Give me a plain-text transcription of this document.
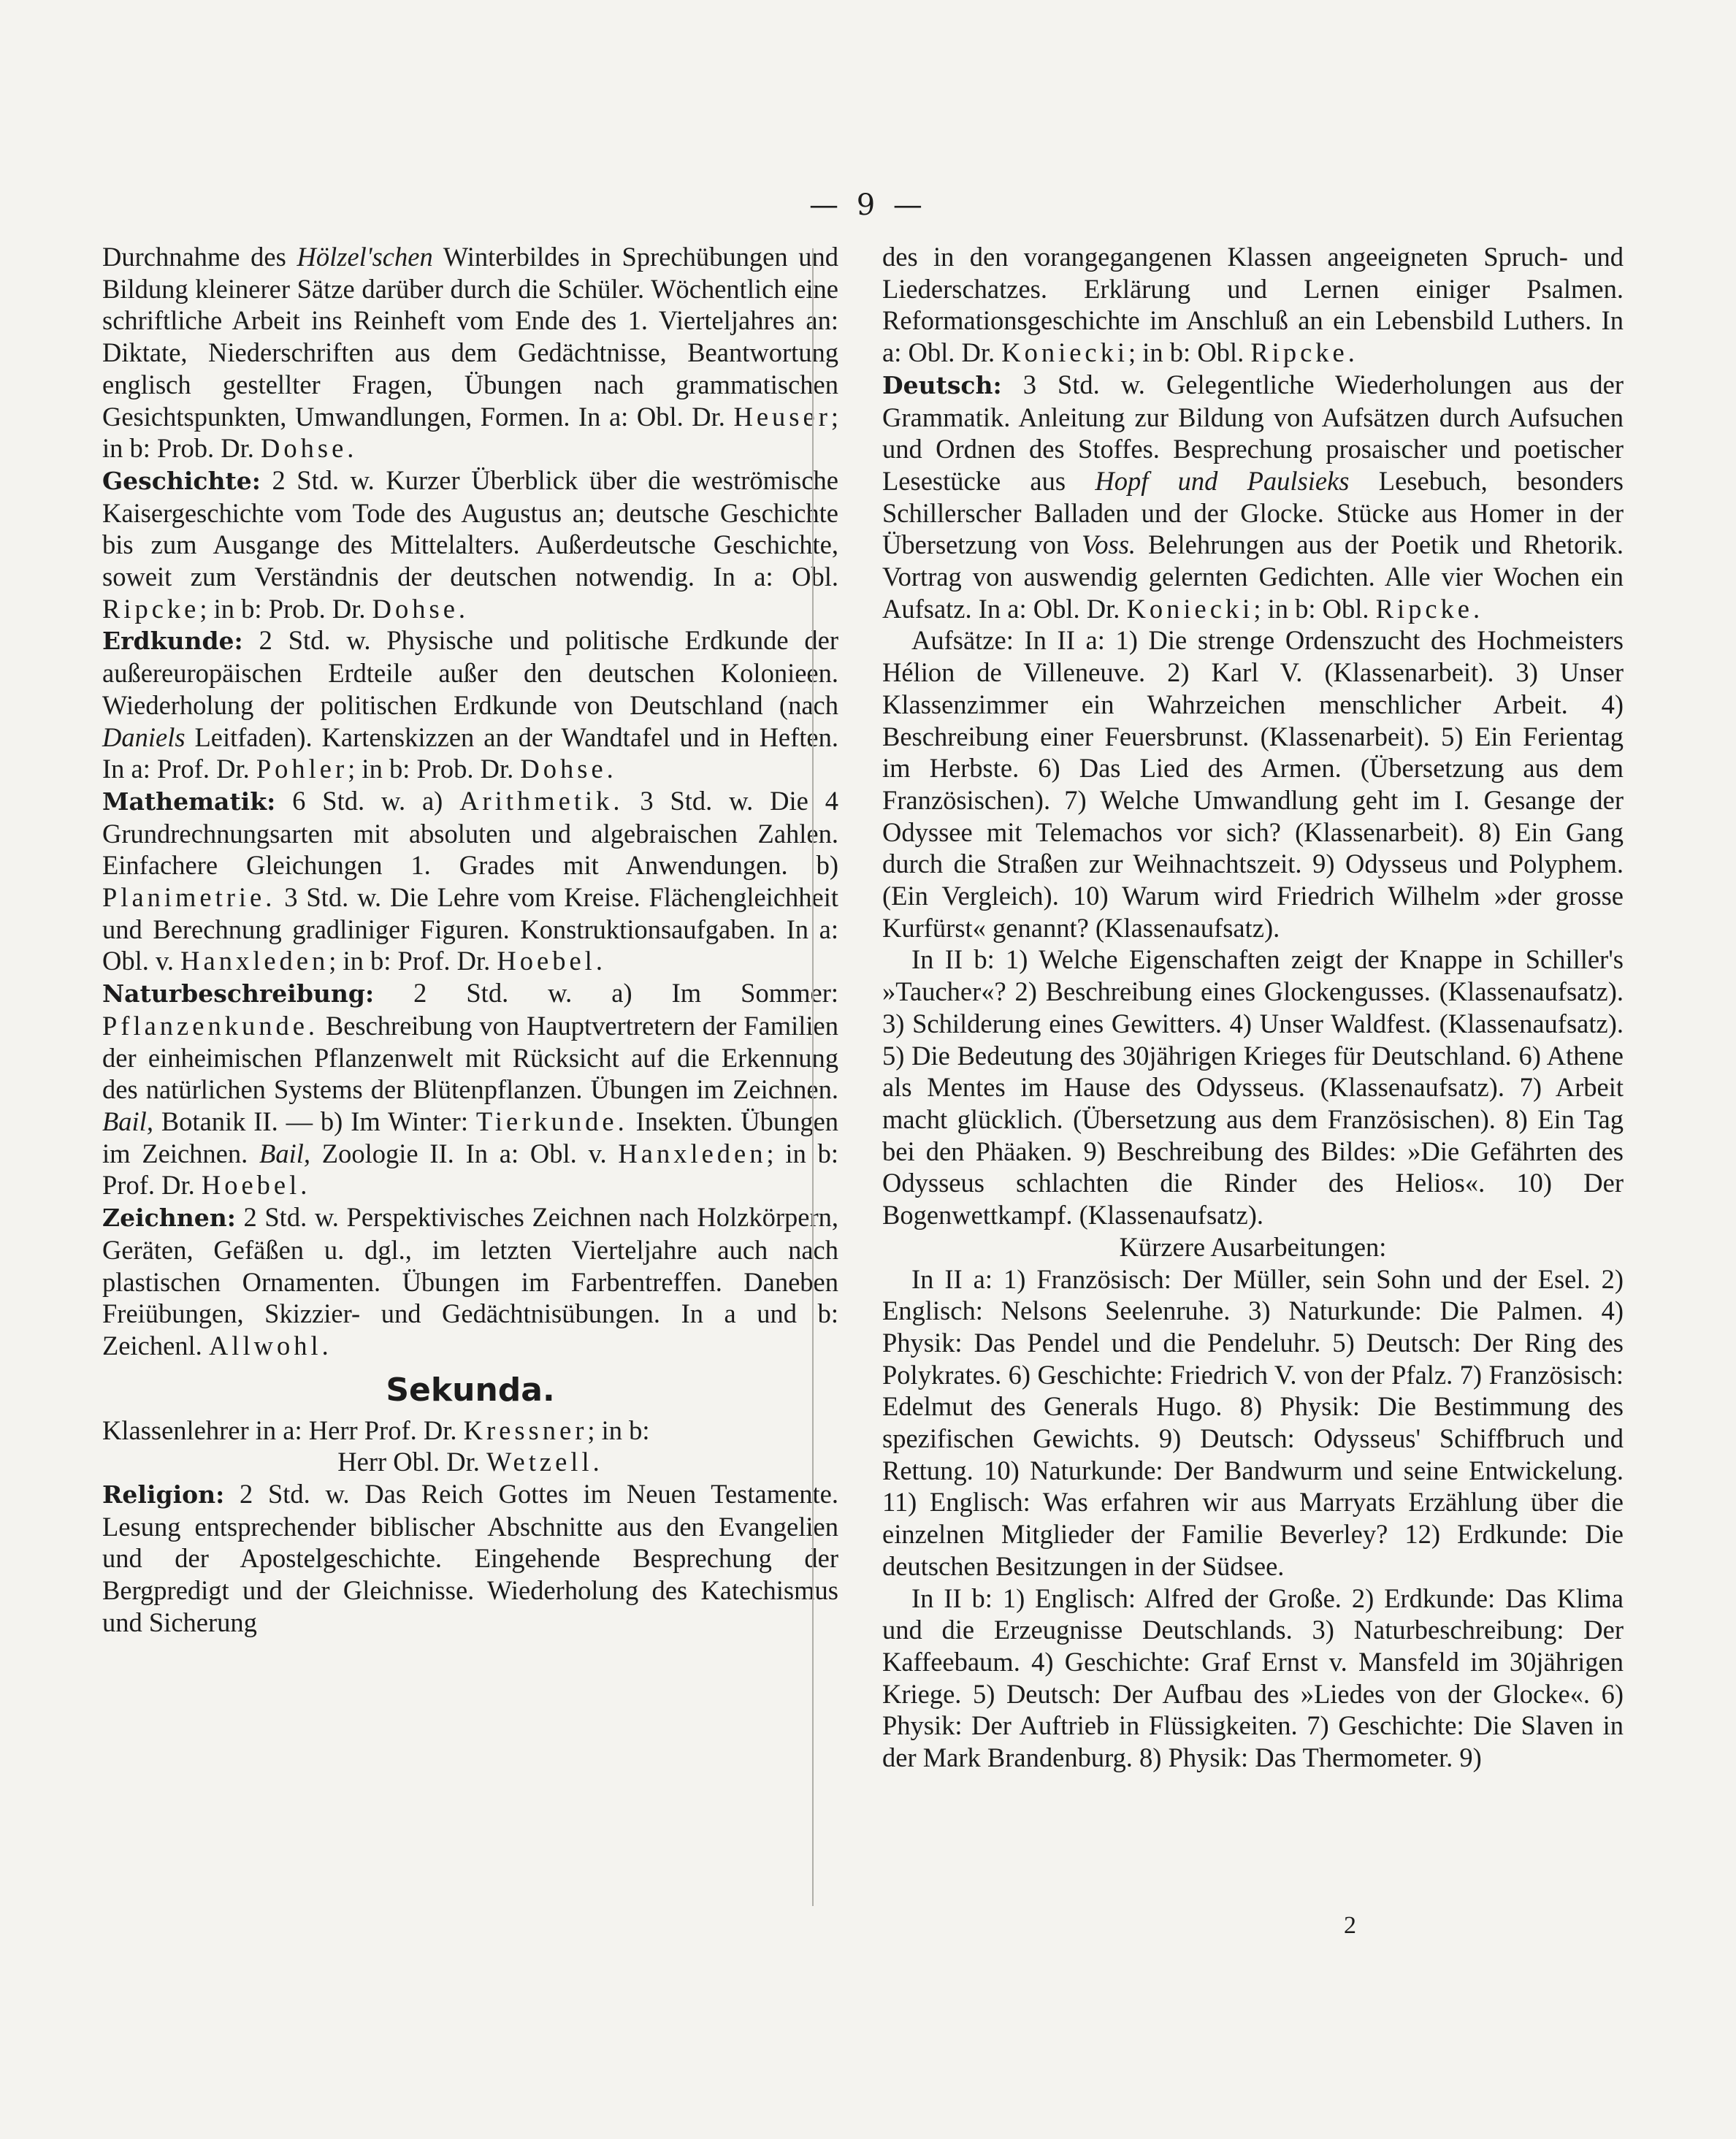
— 9 —

Durchnahme des Hölzel'schen Winterbildes in Sprechübungen und Bildung kleinerer Sätze darüber durch die Schüler. Wöchentlich eine schriftliche Arbeit ins Reinheft vom Ende des 1. Vierteljahres an: Diktate, Niederschriften aus dem Gedächtnisse, Beantwortung englisch gestellter Fragen, Übungen nach grammatischen Gesichtspunkten, Umwandlungen, Formen. In a: Obl. Dr. Heuser; in b: Prob. Dr. Dohse.

Geschichte: 2 Std. w. Kurzer Überblick über die weströmische Kaisergeschichte vom Tode des Augustus an; deutsche Geschichte bis zum Ausgange des Mittelalters. Außerdeutsche Geschichte, soweit zum Verständnis der deutschen notwendig. In a: Obl. Ripcke; in b: Prob. Dr. Dohse.

Erdkunde: 2 Std. w. Physische und politische Erdkunde der außereuropäischen Erdteile außer den deutschen Kolonieen. Wiederholung der politischen Erdkunde von Deutschland (nach Daniels Leitfaden). Kartenskizzen an der Wandtafel und in Heften. In a: Prof. Dr. Pohler; in b: Prob. Dr. Dohse.

Mathematik: 6 Std. w. a) Arithmetik. 3 Std. w. Die 4 Grundrechnungsarten mit absoluten und algebraischen Zahlen. Einfachere Gleichungen 1. Grades mit Anwendungen. b) Planimetrie. 3 Std. w. Die Lehre vom Kreise. Flächengleichheit und Berechnung gradliniger Figuren. Konstruktionsaufgaben. In a: Obl. v. Hanxleden; in b: Prof. Dr. Hoebel.

Naturbeschreibung: 2 Std. w. a) Im Sommer: Pflanzenkunde. Beschreibung von Hauptvertretern der Familien der einheimischen Pflanzenwelt mit Rücksicht auf die Erkennung des natürlichen Systems der Blütenpflanzen. Übungen im Zeichnen. Bail, Botanik II. — b) Im Winter: Tierkunde. Insekten. Übungen im Zeichnen. Bail, Zoologie II. In a: Obl. v. Hanxleden; in b: Prof. Dr. Hoebel.

Zeichnen: 2 Std. w. Perspektivisches Zeichnen nach Holzkörpern, Geräten, Gefäßen u. dgl., im letzten Vierteljahre auch nach plastischen Ornamenten. Übungen im Farbentreffen. Daneben Freiübungen, Skizzier- und Gedächtnisübungen. In a und b: Zeichenl. Allwohl.

Sekunda.

Klassenlehrer in a: Herr Prof. Dr. Kressner; in b:

Herr Obl. Dr. Wetzell.

Religion: 2 Std. w. Das Reich Gottes im Neuen Testamente. Lesung entsprechender biblischer Abschnitte aus den Evangelien und der Apostelgeschichte. Eingehende Besprechung der Bergpredigt und der Gleichnisse. Wiederholung des Katechismus und Sicherung

des in den vorangegangenen Klassen angeeigneten Spruch- und Liederschatzes. Erklärung und Lernen einiger Psalmen. Reformationsgeschichte im Anschluß an ein Lebensbild Luthers. In a: Obl. Dr. Koniecki; in b: Obl. Ripcke.

Deutsch: 3 Std. w. Gelegentliche Wiederholungen aus der Grammatik. Anleitung zur Bildung von Aufsätzen durch Aufsuchen und Ordnen des Stoffes. Besprechung prosaischer und poetischer Lesestücke aus Hopf und Paulsieks Lesebuch, besonders Schillerscher Balladen und der Glocke. Stücke aus Homer in der Übersetzung von Voss. Belehrungen aus der Poetik und Rhetorik. Vortrag von auswendig gelernten Gedichten. Alle vier Wochen ein Aufsatz. In a: Obl. Dr. Koniecki; in b: Obl. Ripcke.

Aufsätze: In II a: 1) Die strenge Ordenszucht des Hochmeisters Hélion de Villeneuve. 2) Karl V. (Klassenarbeit). 3) Unser Klassenzimmer ein Wahrzeichen menschlicher Arbeit. 4) Beschreibung einer Feuersbrunst. (Klassenarbeit). 5) Ein Ferientag im Herbste. 6) Das Lied des Armen. (Übersetzung aus dem Französischen). 7) Welche Umwandlung geht im I. Gesange der Odyssee mit Telemachos vor sich? (Klassenarbeit). 8) Ein Gang durch die Straßen zur Weihnachtszeit. 9) Odysseus und Polyphem. (Ein Vergleich). 10) Warum wird Friedrich Wilhelm »der grosse Kurfürst« genannt? (Klassenaufsatz).

In II b: 1) Welche Eigenschaften zeigt der Knappe in Schiller's »Taucher«? 2) Beschreibung eines Glockengusses. (Klassenaufsatz). 3) Schilderung eines Gewitters. 4) Unser Waldfest. (Klassenaufsatz). 5) Die Bedeutung des 30jährigen Krieges für Deutschland. 6) Athene als Mentes im Hause des Odysseus. (Klassenaufsatz). 7) Arbeit macht glücklich. (Übersetzung aus dem Französischen). 8) Ein Tag bei den Phäaken. 9) Beschreibung des Bildes: »Die Gefährten des Odysseus schlachten die Rinder des Helios«. 10) Der Bogenwettkampf. (Klassenaufsatz).

Kürzere Ausarbeitungen:

In II a: 1) Französisch: Der Müller, sein Sohn und der Esel. 2) Englisch: Nelsons Seelenruhe. 3) Naturkunde: Die Palmen. 4) Physik: Das Pendel und die Pendeluhr. 5) Deutsch: Der Ring des Polykrates. 6) Geschichte: Friedrich V. von der Pfalz. 7) Französisch: Edelmut des Generals Hugo. 8) Physik: Die Bestimmung des spezifischen Gewichts. 9) Deutsch: Odysseus' Schiffbruch und Rettung. 10) Naturkunde: Der Bandwurm und seine Entwickelung. 11) Englisch: Was erfahren wir aus Marryats Erzählung über die einzelnen Mitglieder der Familie Beverley? 12) Erdkunde: Die deutschen Besitzungen in der Südsee.

In II b: 1) Englisch: Alfred der Große. 2) Erdkunde: Das Klima und die Erzeugnisse Deutschlands. 3) Naturbeschreibung: Der Kaffeebaum. 4) Geschichte: Graf Ernst v. Mansfeld im 30jährigen Kriege. 5) Deutsch: Der Aufbau des »Liedes von der Glocke«. 6) Physik: Der Auftrieb in Flüssigkeiten. 7) Geschichte: Die Slaven in der Mark Brandenburg. 8) Physik: Das Thermometer. 9)

2
